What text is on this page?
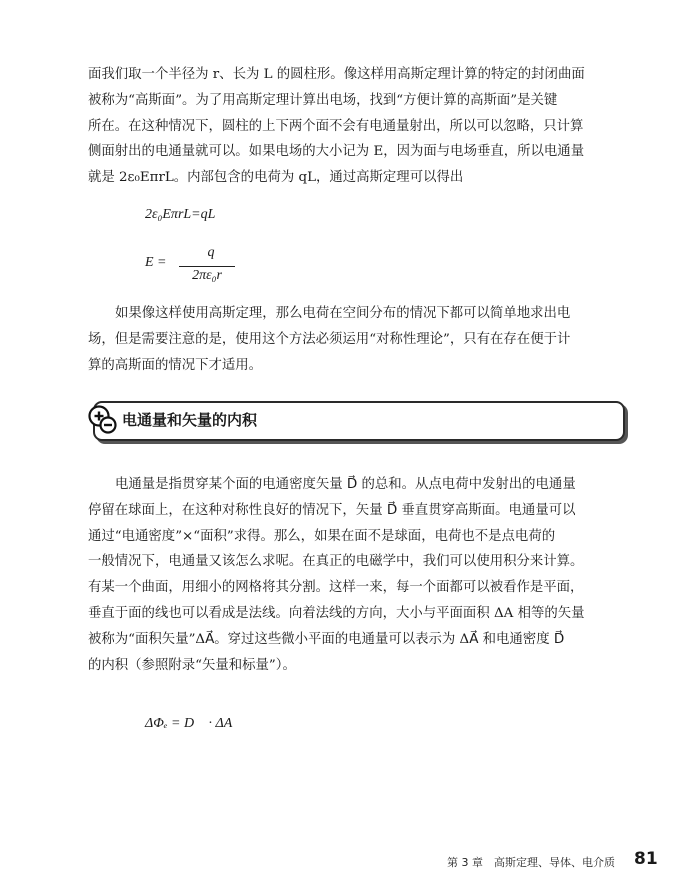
面我们取一个半径为 r、长为 L 的圆柱形。像这样用高斯定理计算的特定的封闭曲面
被称为“高斯面”。为了用高斯定理计算出电场，找到“方便计算的高斯面”是关键
所在。在这种情况下，圆柱的上下两个面不会有电通量射出，所以可以忽略，只计算
侧面射出的电通量就可以。如果电场的大小记为 E，因为面与电场垂直，所以电通量
就是 2ε₀EπrL。内部包含的电荷为 qL，通过高斯定理可以得出
2ε₀EπrL=qL
E =
q
2πε₀r
如果像这样使用高斯定理，那么电荷在空间分布的情况下都可以简单地求出电
场，但是需要注意的是，使用这个方法必须运用“对称性理论”，只有在存在便于计
算的高斯面的情况下才适用。
电通量和矢量的内积
电通量是指贯穿某个面的电通密度矢量 D⃗ 的总和。从点电荷中发射出的电通量
停留在球面上，在这种对称性良好的情况下，矢量 D⃗ 垂直贯穿高斯面。电通量可以
通过“电通密度”×“面积”求得。那么，如果在面不是球面，电荷也不是点电荷的
一般情况下，电通量又该怎么求呢。在真正的电磁学中，我们可以使用积分来计算。
有某一个曲面，用细小的网格将其分割。这样一来，每一个面都可以被看作是平面，
垂直于面的线也可以看成是法线。向着法线的方向，大小与平面面积 ΔA 相等的矢量
被称为“面积矢量”ΔA⃗。穿过这些微小平面的电通量可以表示为 ΔA⃗ 和电通密度 D⃗
的内积（参照附录“矢量和标量”）。
ΔΦₑ = D⃗ · ΔA⃗
第 3 章　高斯定理、导体、电介质 81
